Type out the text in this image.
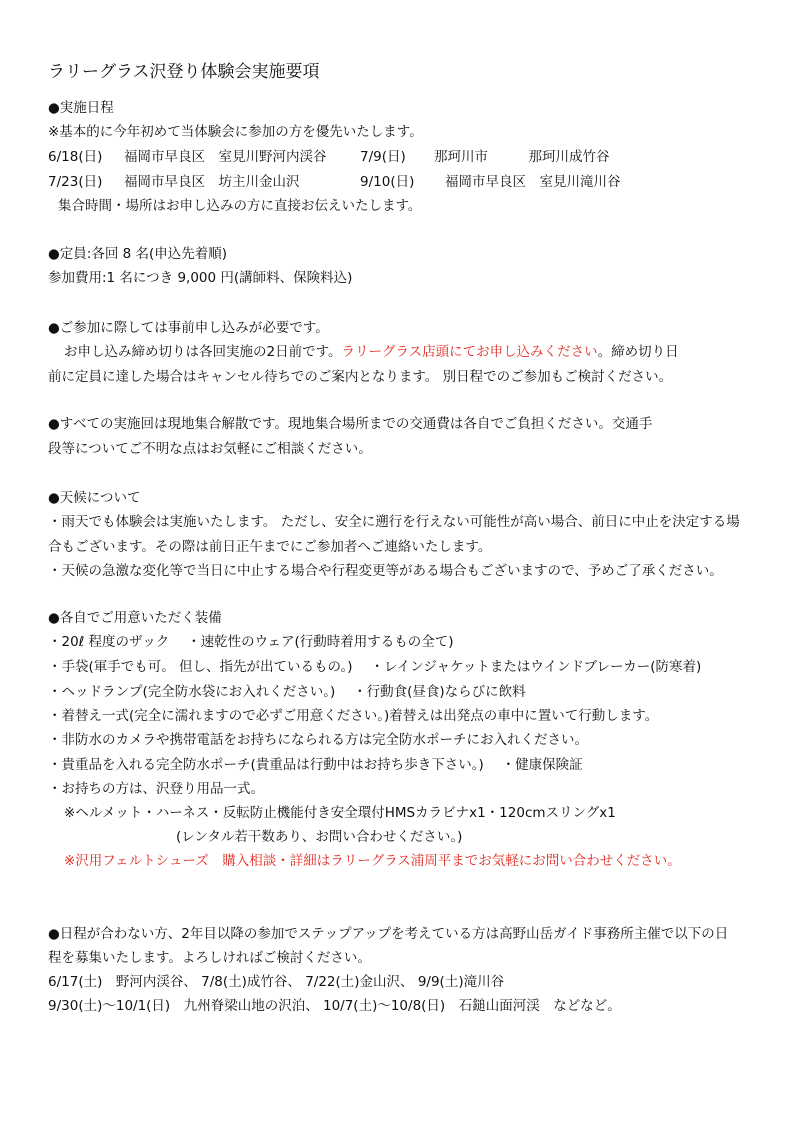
ラリーグラス沢登り体験会実施要項
●実施日程
※基本的に今年初めて当体験会に参加の方を優先いたします。
6/18(日) 福岡市早良区　室見川野河内渓谷 7/9(日) 那珂川市　　　那珂川成竹谷
7/23(日) 福岡市早良区　坊主川金山沢	9/10(日) 福岡市早良区　室見川滝川谷
集合時間・場所はお申し込みの方に直接お伝えいたします。
●定員:各回 8 名(申込先着順)
参加費用:1 名につき 9,000 円(講師料、保険料込)
●ご参加に際しては事前申し込みが必要です。
お申し込み締め切りは各回実施の2日前です。ラリーグラス店頭にてお申し込みください。締め切り日
前に定員に達した場合はキャンセル待ちでのご案内となります。 別日程でのご参加もご検討ください。
●すべての実施回は現地集合解散です。現地集合場所までの交通費は各自でご負担ください。交通手
段等についてご不明な点はお気軽にご相談ください。
●天候について
・雨天でも体験会は実施いたします。 ただし、安全に遡行を行えない可能性が高い場合、前日に中止を決定する場
合もございます。その際は前日正午までにご参加者へご連絡いたします。
・天候の急激な変化等で当日に中止する場合や行程変更等がある場合もございますので、予めご了承ください。
●各自でご用意いただく装備
・20ℓ 程度のザック　 ・速乾性のウェア(行動時着用するもの全て)
・手袋(軍手でも可。 但し、指先が出ているもの。)　 ・レインジャケットまたはウインドブレーカー(防寒着)
・ヘッドランプ(完全防水袋にお入れください。)　 ・行動食(昼食)ならびに飲料
・着替え一式(完全に濡れますので必ずご用意ください。)着替えは出発点の車中に置いて行動します。
・非防水のカメラや携帯電話をお持ちになられる方は完全防水ポーチにお入れください。
・貴重品を入れる完全防水ポーチ(貴重品は行動中はお持ち歩き下さい。)　 ・健康保険証
・お持ちの方は、沢登り用品一式。
※ヘルメット・ハーネス・反転防止機能付き安全環付HMSカラビナx1・120cmスリングx1
(レンタル若干数あり、お問い合わせください。)
※沢用フェルトシューズ　購入相談・詳細はラリーグラス浦周平までお気軽にお問い合わせください。
●日程が合わない方、2年目以降の参加でステップアップを考えている方は高野山岳ガイド事務所主催で以下の日
程を募集いたします。よろしければご検討ください。
6/17(土)　野河内渓谷、 7/8(土)成竹谷、 7/22(土)金山沢、 9/9(土)滝川谷
9/30(土)〜10/1(日)　九州脊梁山地の沢泊、 10/7(土)〜10/8(日)　石鎚山面河渓　などなど。
